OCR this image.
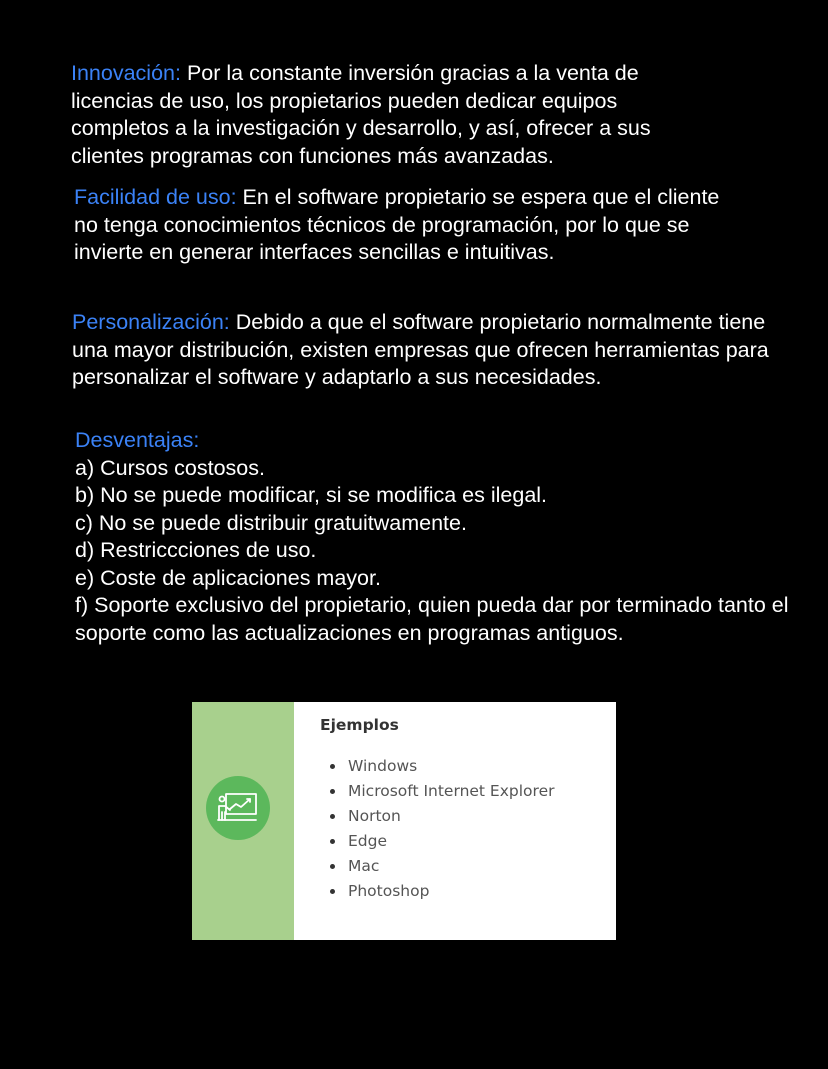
Innovación: Por la constante inversión gracias a la venta de licencias de uso, los propietarios pueden dedicar equipos completos a la investigación y desarrollo, y así, ofrecer a sus clientes programas con funciones más avanzadas.

Facilidad de uso: En el software propietario se espera que el cliente no tenga conocimientos técnicos de programación, por lo que se invierte en generar interfaces sencillas e intuitivas.

Personalización: Debido a que el software propietario normalmente tiene una mayor distribución, existen empresas que ofrecen herramientas para personalizar el software y adaptarlo a sus necesidades.

Desventajas:
a) Cursos costosos.
b) No se puede modificar, si se modifica es ilegal.
c) No se puede distribuir gratuitwamente.
d) Restriccciones de uso.
e) Coste de aplicaciones mayor.
f) Soporte exclusivo del propietario, quien pueda dar por terminado tanto el soporte como las actualizaciones en programas antiguos.
Ejemplos
Windows
Microsoft Internet Explorer
Norton
Edge
Mac
Photoshop
